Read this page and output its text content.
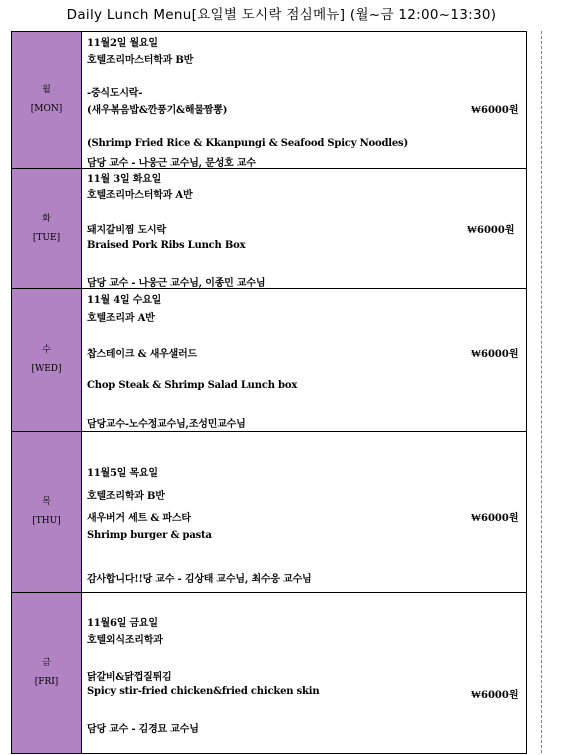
Daily Lunch Menu[요일별 도시락 점심메뉴] (월~금 12:00~13:30)
월
[MON]
11월2일 월요일
호텔조리마스터학과 B반
-중식도시락-
(새우볶음밥&깐풍기&해물짬뽕)	₩6000원
(Shrimp Fried Rice & Kkanpungi & Seafood Spicy Noodles)
담당 교수 - 나웅근 교수님, 문성호 교수
화
[TUE]
11월 3일 화요일
호텔조리마스터학과 A반
돼지갈비찜 도시락	₩6000원
Braised Pork Ribs Lunch Box
담당 교수 - 나웅근 교수님, 이종민 교수님
수
[WED]
11월 4일 수요일
호텔조리과 A반
찹스테이크 & 새우샐러드	₩6000원
Chop Steak & Shrimp Salad Lunch box
담당교수-노수정교수님,조성민교수님
목
[THU]
11월5일 목요일
호텔조리학과 B반
새우버거 세트 & 파스타	₩6000원
Shrimp burger & pasta
감사합니다!!당 교수 - 김상태 교수님, 최수응 교수님
금
[FRI]
11월6일 금요일
호텔외식조리학과
닭갈비&닭껍질튀김
Spicy stir-fried chicken&fried chicken skin	₩6000원
담당 교수 - 김경묘 교수님
